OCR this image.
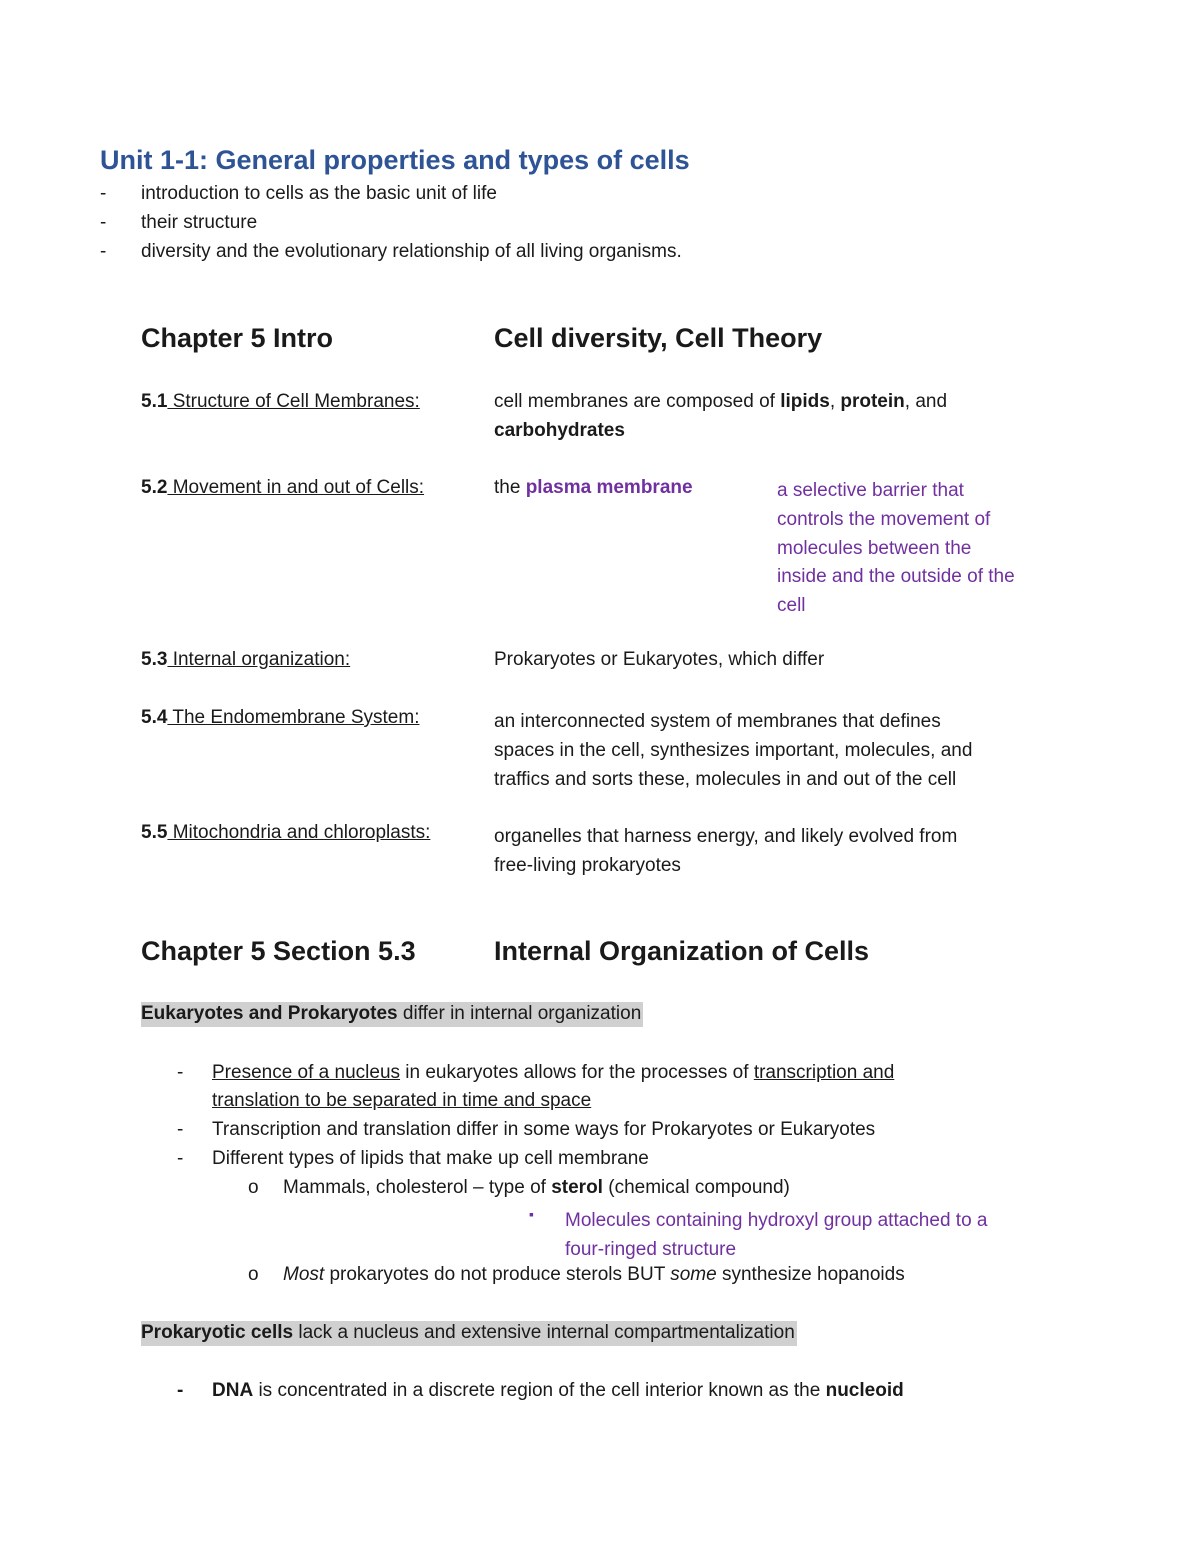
Unit 1-1: General properties and types of cells
- introduction to cells as the basic unit of life
- their structure
- diversity and the evolutionary relationship of all living organisms.
Chapter 5 Intro	Cell diversity, Cell Theory
5.1 Structure of Cell Membranes:	cell membranes are composed of lipids, protein, and
carbohydrates
5.2 Movement in and out of Cells:	the plasma membrane	a selective barrier that

controls the movement of

molecules between the

inside and the outside of the

cell

5.3 Internal organization:	Prokaryotes or Eukaryotes, which differ
5.4 The Endomembrane System:	an interconnected system of membranes that defines

spaces in the cell, synthesizes important, molecules, and

traffics and sorts these, molecules in and out of the cell

5.5 Mitochondria and chloroplasts:	organelles that harness energy, and likely evolved from

free-living prokaryotes

Chapter 5 Section 5.3	Internal Organization of Cells
Eukaryotes and Prokaryotes differ in internal organization
- Presence of a nucleus in eukaryotes allows for the processes of transcription and
translation to be separated in time and space
- Transcription and translation differ in some ways for Prokaryotes or Eukaryotes
- Different types of lipids that make up cell membrane
o Mammals, cholesterol – type of sterol (chemical compound)
▪ Molecules containing hydroxyl group attached to a

four-ringed structure

o Most prokaryotes do not produce sterols BUT some synthesize hopanoids
Prokaryotic cells lack a nucleus and extensive internal compartmentalization
- DNA is concentrated in a discrete region of the cell interior known as the nucleoid
